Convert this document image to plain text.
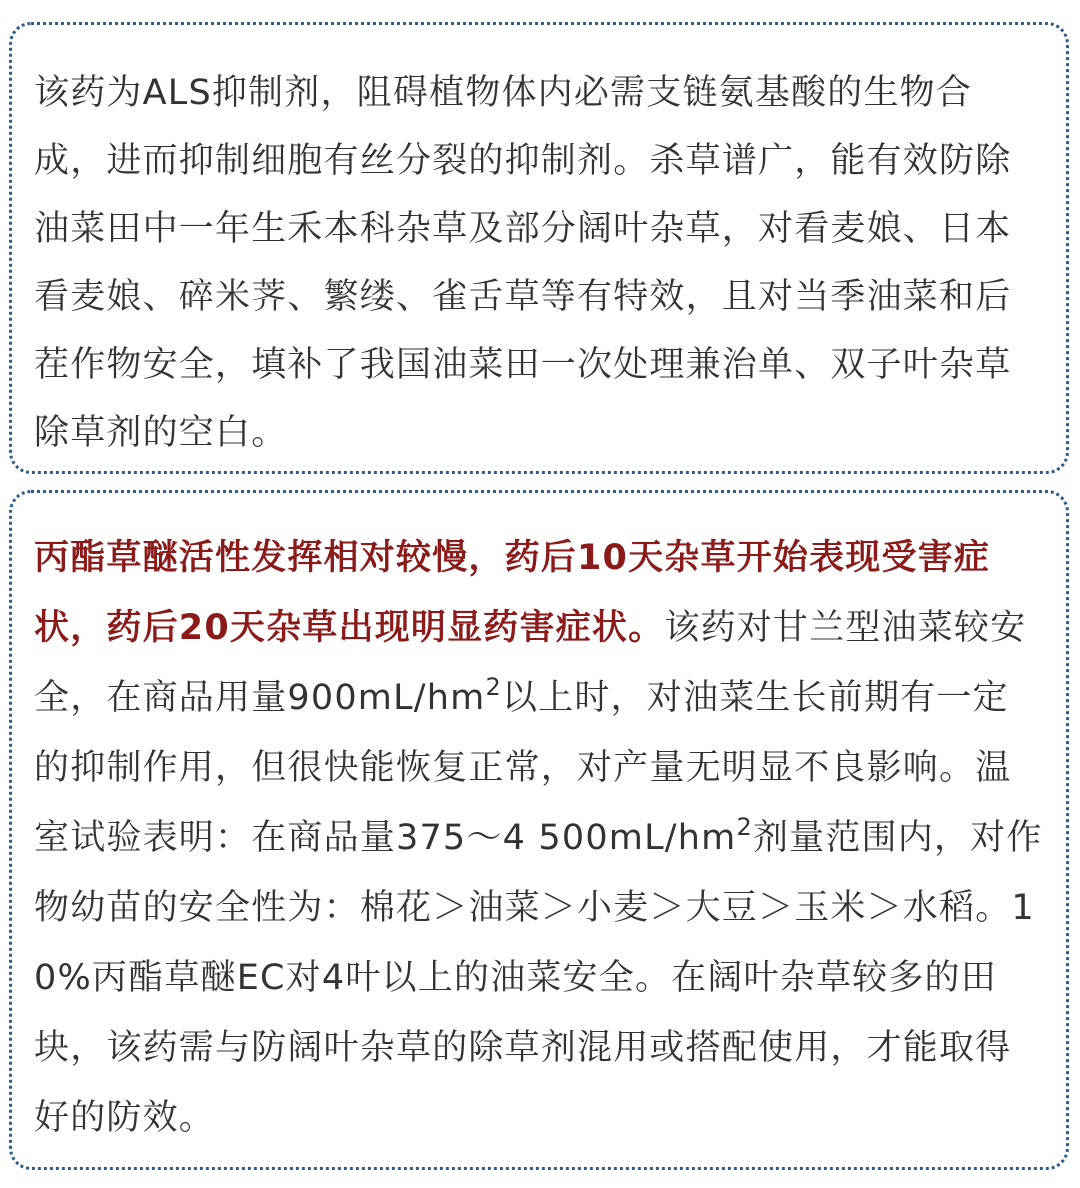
该药为ALS抑制剂，阻碍植物体内必需支链氨基酸的生物合成，进而抑制细胞有丝分裂的抑制剂。杀草谱广，能有效防除油菜田中一年生禾本科杂草及部分阔叶杂草，对看麦娘、日本看麦娘、碎米荠、繁缕、雀舌草等有特效，且对当季油菜和后茬作物安全，填补了我国油菜田一次处理兼治单、双子叶杂草除草剂的空白。

丙酯草醚活性发挥相对较慢，药后10天杂草开始表现受害症状，药后20天杂草出现明显药害症状。该药对甘兰型油菜较安全，在商品用量$900mL/hm^2$以上时，对油菜生长前期有一定的抑制作用，但很快能恢复正常，对产量无明显不良影响。温室试验表明：在商品量375～4 $500mL/hm^2$剂量范围内，对作物幼苗的安全性为：棉花＞油菜＞小麦＞大豆＞玉米＞水稻。10%丙酯草醚EC对4叶以上的油菜安全。在阔叶杂草较多的田块，该药需与防阔叶杂草的除草剂混用或搭配使用，才能取得好的防效。
